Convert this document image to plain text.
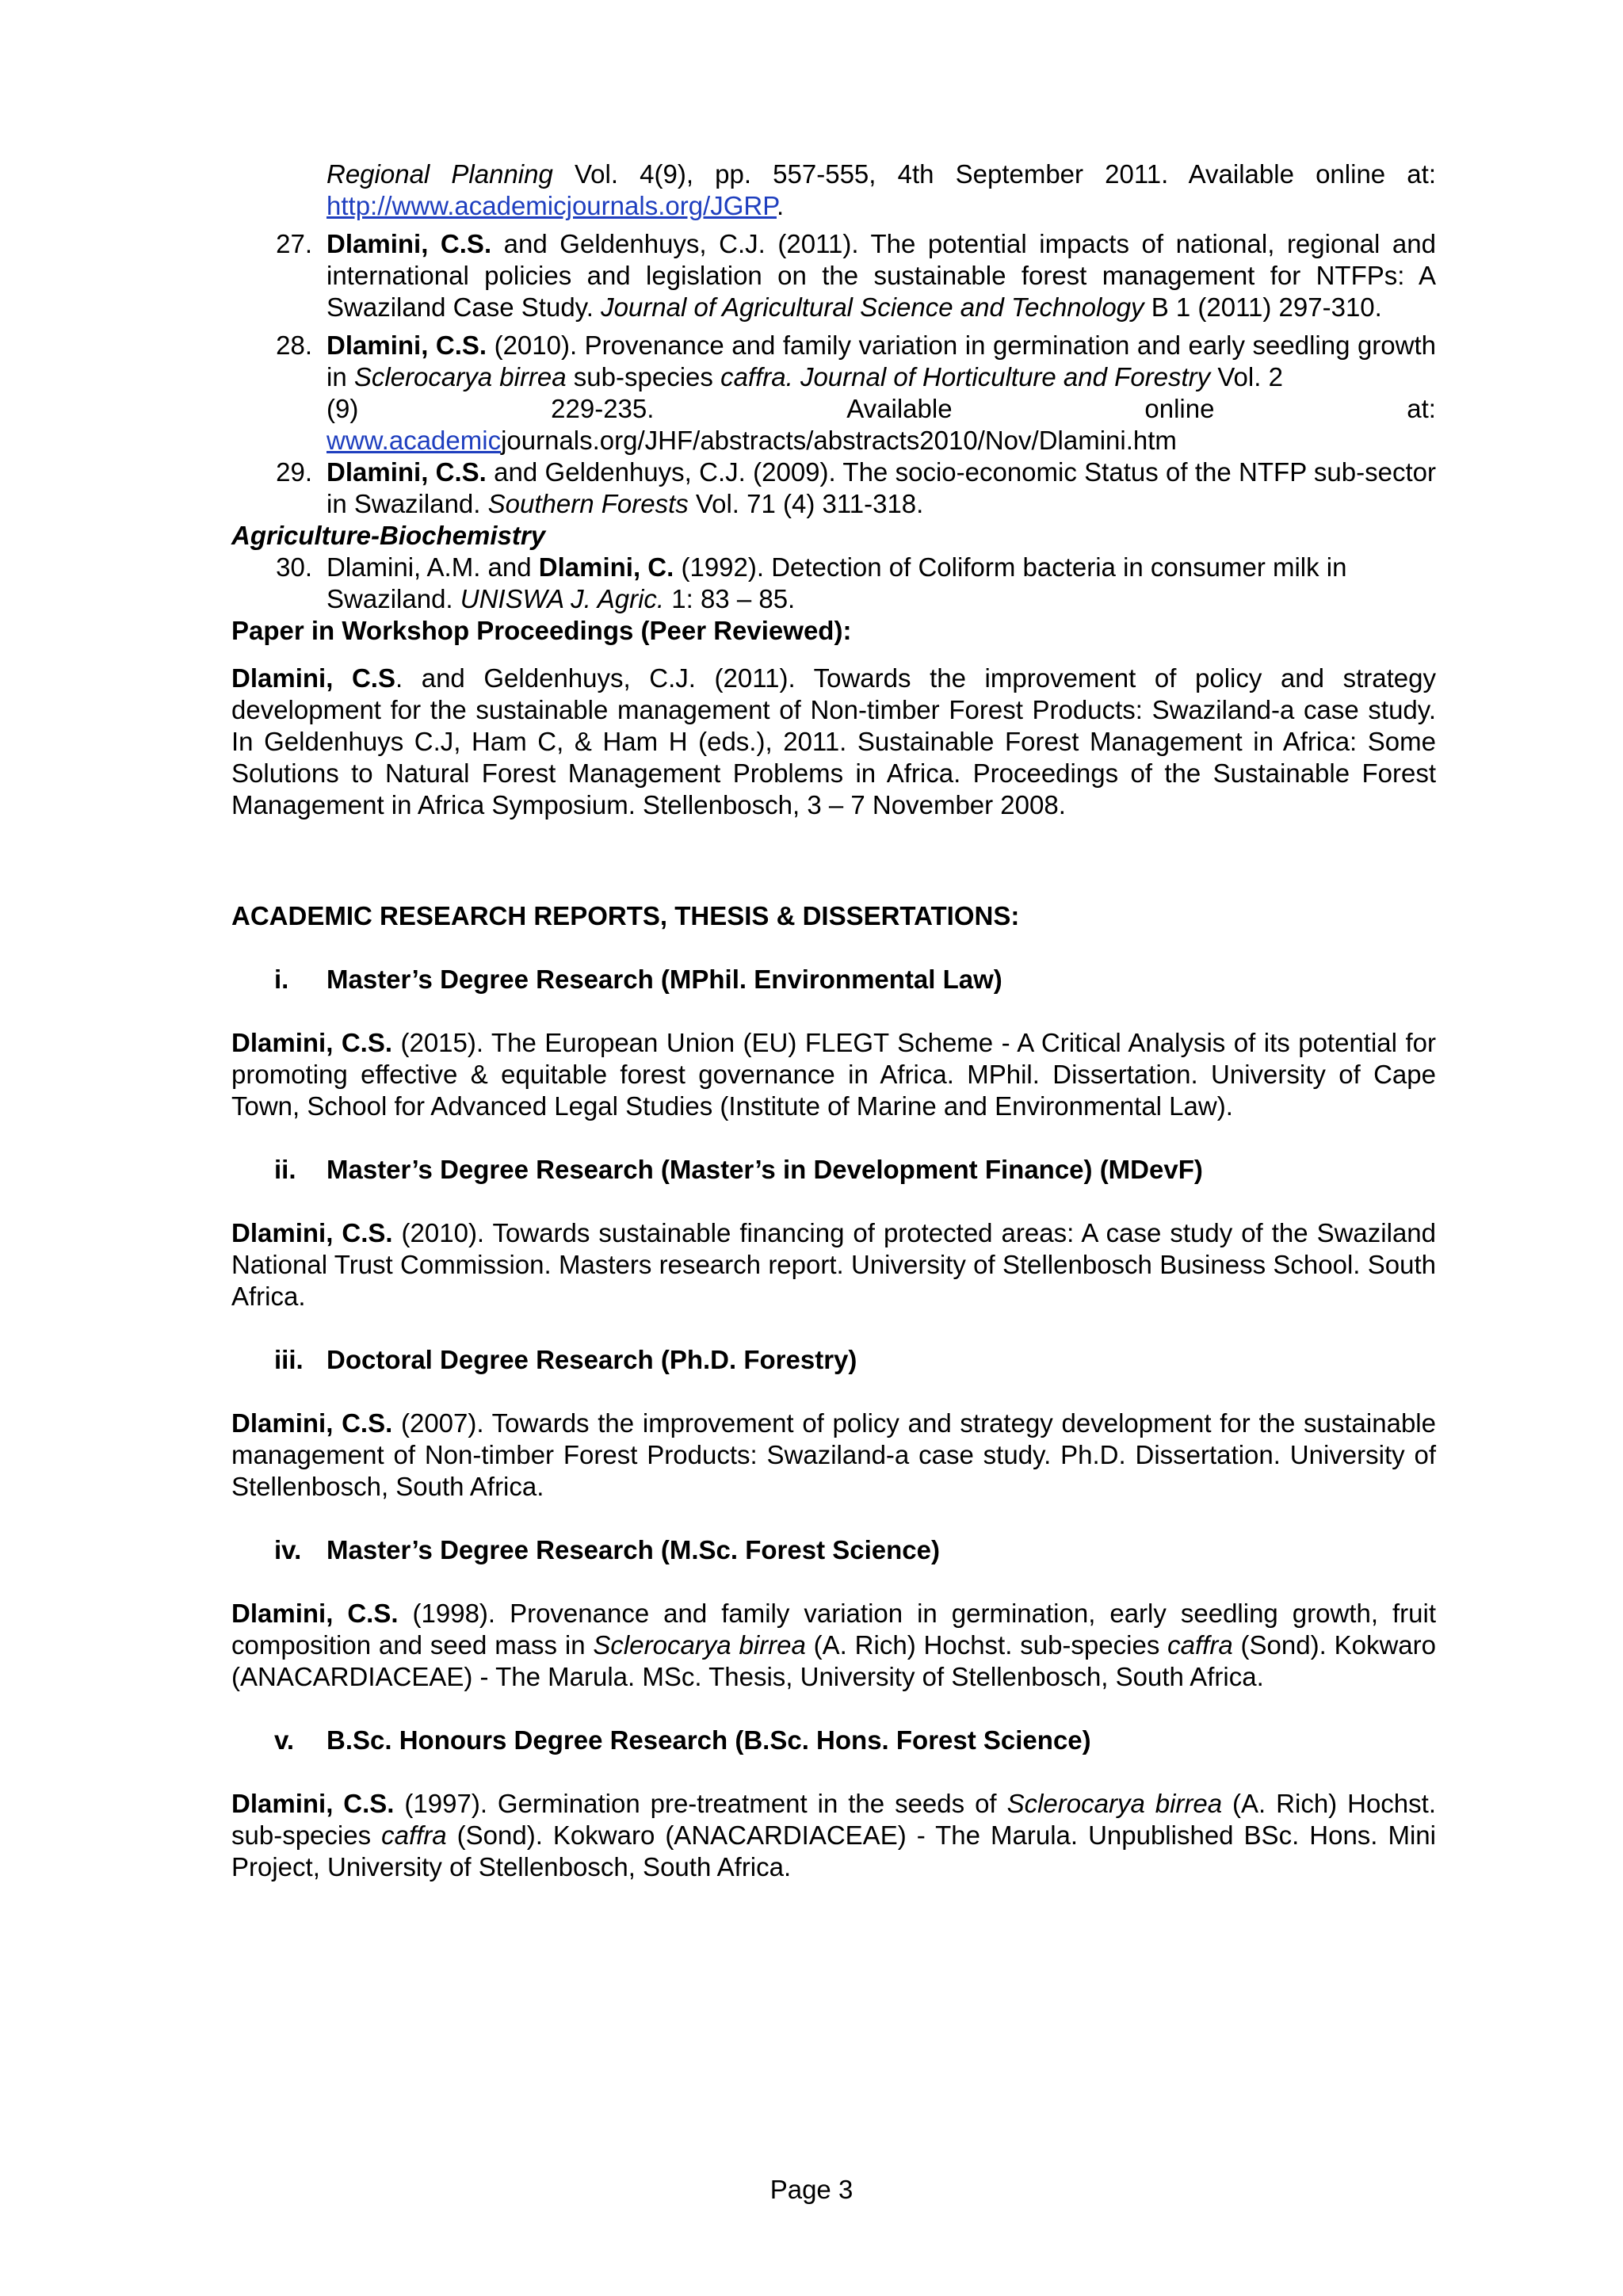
Regional Planning Vol. 4(9), pp. 557-555, 4th September 2011. Available online at:

http://www.academicjournals.org/JGRP.

27. Dlamini, C.S. and Geldenhuys, C.J. (2011). The potential impacts of national, regional and international policies and legislation on the sustainable forest management for NTFPs: A Swaziland Case Study. Journal of Agricultural Science and Technology B 1 (2011) 297-310.
28. Dlamini, C.S. (2010). Provenance and family variation in germination and early seedling growth in Sclerocarya birrea sub-species caffra. Journal of Horticulture and Forestry Vol. 2
(9)	229-235.	Available	online	at:
www.academicjournals.org/JHF/abstracts/abstracts2010/Nov/Dlamini.htm
29. Dlamini, C.S. and Geldenhuys, C.J. (2009). The socio-economic Status of the NTFP sub-sector in Swaziland. Southern Forests Vol. 71 (4) 311-318.

Agriculture-Biochemistry

30. Dlamini, A.M. and Dlamini, C. (1992). Detection of Coliform bacteria in consumer milk in Swaziland. UNISWA J. Agric. 1: 83 – 85.

Paper in Workshop Proceedings (Peer Reviewed):

Dlamini, C.S. and Geldenhuys, C.J. (2011). Towards the improvement of policy and strategy development for the sustainable management of Non-timber Forest Products: Swaziland-a case study. In Geldenhuys C.J, Ham C, & Ham H (eds.), 2011. Sustainable Forest Management in Africa: Some Solutions to Natural Forest Management Problems in Africa. Proceedings of the Sustainable Forest Management in Africa Symposium. Stellenbosch, 3 – 7 November 2008.

ACADEMIC RESEARCH REPORTS, THESIS & DISSERTATIONS:

i.	Master’s Degree Research (MPhil. Environmental Law)

Dlamini, C.S. (2015). The European Union (EU) FLEGT Scheme - A Critical Analysis of its potential for promoting effective & equitable forest governance in Africa. MPhil. Dissertation. University of Cape Town, School for Advanced Legal Studies (Institute of Marine and Environmental Law).

ii.	Master’s Degree Research (Master’s in Development Finance) (MDevF)

Dlamini, C.S. (2010). Towards sustainable financing of protected areas: A case study of the Swaziland National Trust Commission. Masters research report. University of Stellenbosch Business School. South Africa.

iii. Doctoral Degree Research (Ph.D. Forestry)

Dlamini, C.S. (2007). Towards the improvement of policy and strategy development for the sustainable management of Non-timber Forest Products: Swaziland-a case study. Ph.D. Dissertation. University of Stellenbosch, South Africa.

iv. Master’s Degree Research (M.Sc. Forest Science)

Dlamini, C.S. (1998). Provenance and family variation in germination, early seedling growth, fruit composition and seed mass in Sclerocarya birrea (A. Rich) Hochst. sub-species caffra (Sond). Kokwaro (ANACARDIACEAE) - The Marula. MSc. Thesis, University of Stellenbosch, South Africa.

v.	B.Sc. Honours Degree Research (B.Sc. Hons. Forest Science)

Dlamini, C.S. (1997). Germination pre-treatment in the seeds of Sclerocarya birrea (A. Rich) Hochst. sub-species caffra (Sond). Kokwaro (ANACARDIACEAE) - The Marula. Unpublished BSc. Hons. Mini Project, University of Stellenbosch, South Africa.

Page 3
